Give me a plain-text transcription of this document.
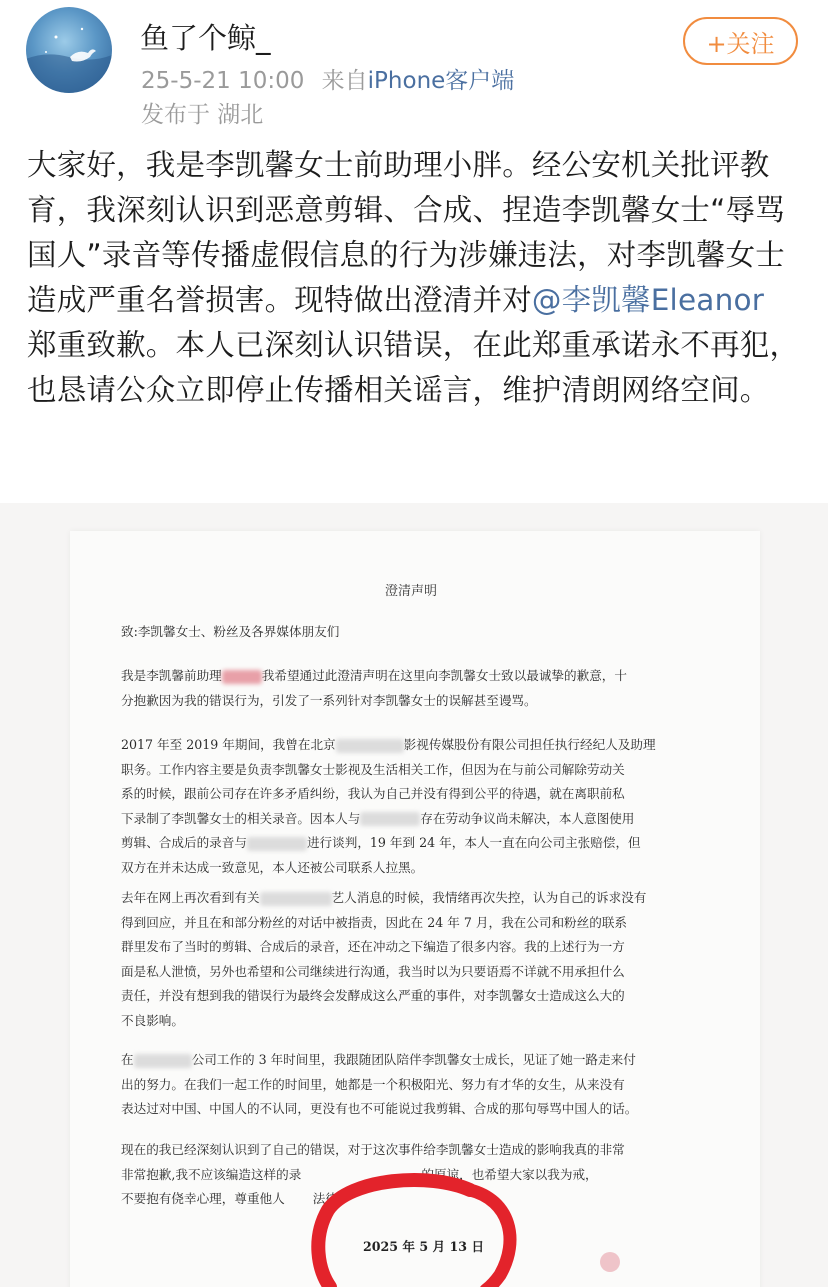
鱼了个鲸_
25-5-21 10:00 来自iPhone客户端
发布于 湖北
+关注
大家好，我是李凯馨女士前助理小胖。经公安机关批评教育，我深刻认识到恶意剪辑、合成、捏造李凯馨女士“辱骂国人”录音等传播虚假信息的行为涉嫌违法，对李凯馨女士造成严重名誉损害。现特做出澄清并对@李凯馨Eleanor 郑重致歉。本人已深刻认识错误，在此郑重承诺永不再犯，也恳请公众立即停止传播相关谣言，维护清朗网络空间。
澄清声明

致:李凯馨女士、粉丝及各界媒体朋友们

我是李凯馨前助理	我希望通过此澄清声明在这里向李凯馨女士致以最诚挚的歉意，十

分抱歉因为我的错误行为，引发了一系列针对李凯馨女士的误解甚至谩骂。

2017 年至 2019 年期间，我曾在北京	影视传媒股份有限公司担任执行经纪人及助理

职务。工作内容主要是负责李凯馨女士影视及生活相关工作，但因为在与前公司解除劳动关

系的时候，跟前公司存在许多矛盾纠纷，我认为自己并没有得到公平的待遇，就在离职前私

下录制了李凯馨女士的相关录音。因本人与	存在劳动争议尚未解决，本人意图使用

剪辑、合成后的录音与	进行谈判，19 年到 24 年，本人一直在向公司主张赔偿，但

双方在并未达成一致意见，本人还被公司联系人拉黑。

去年在网上再次看到有关	艺人消息的时候，我情绪再次失控，认为自己的诉求没有

得到回应，并且在和部分粉丝的对话中被指责，因此在 24 年 7 月，我在公司和粉丝的联系

群里发布了当时的剪辑、合成后的录音，还在冲动之下编造了很多内容。我的上述行为一方

面是私人泄愤，另外也希望和公司继续进行沟通，我当时以为只要语焉不详就不用承担什么

责任，并没有想到我的错误行为最终会发酵成这么严重的事件，对李凯馨女士造成这么大的

不良影响。

在	公司工作的 3 年时间里，我跟随团队陪伴李凯馨女士成长，见证了她一路走来付

出的努力。在我们一起工作的时间里，她都是一个积极阳光、努力有才华的女生，从来没有

表达过对中国、中国人的不认同，更没有也不可能说过我剪辑、合成的那句辱骂中国人的话。

现在的我已经深刻认识到了自己的错误，对于这次事件给李凯馨女士造成的影响我真的非常

非常抱歉,我不应该编造这样的录	的原谅，也希望大家以我为戒，

不要抱有侥幸心理，尊重他人 法律。

2025 年 5 月 13 日
